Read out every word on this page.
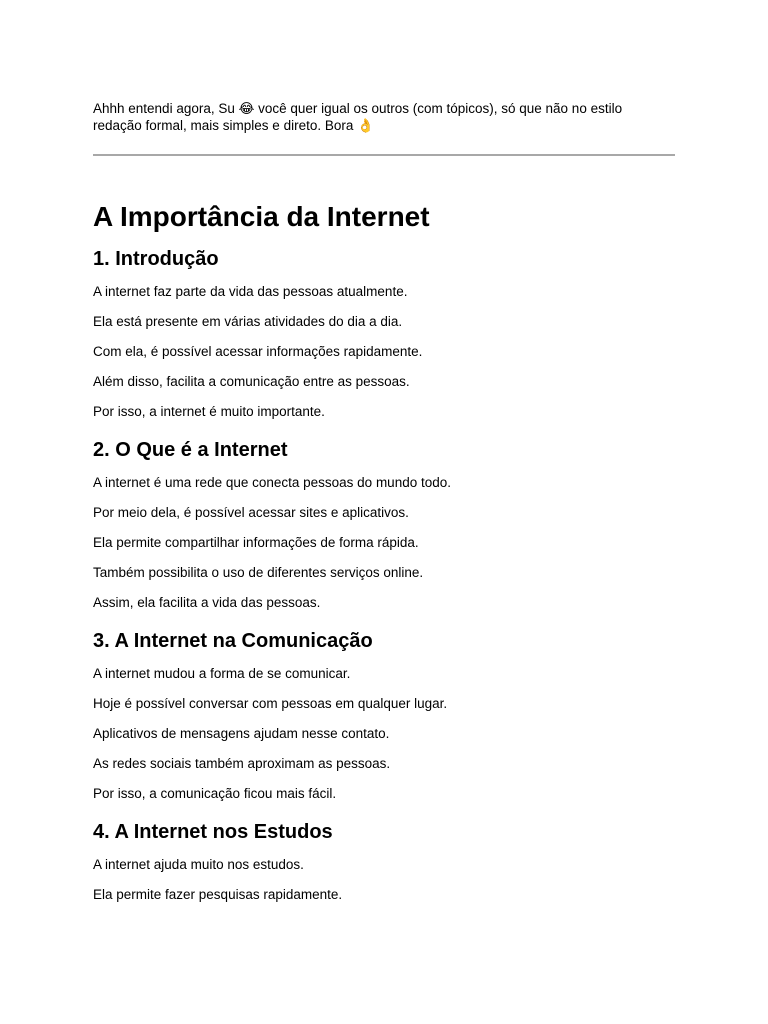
Ahhh entendi agora, Su 😂 você quer igual os outros (com tópicos), só que não no estilo
redação formal, mais simples e direto. Bora 👌

A Importância da Internet
1. Introdução

A internet faz parte da vida das pessoas atualmente.

Ela está presente em várias atividades do dia a dia.

Com ela, é possível acessar informações rapidamente.

Além disso, facilita a comunicação entre as pessoas.

Por isso, a internet é muito importante.

2. O Que é a Internet

A internet é uma rede que conecta pessoas do mundo todo.

Por meio dela, é possível acessar sites e aplicativos.

Ela permite compartilhar informações de forma rápida.

Também possibilita o uso de diferentes serviços online.

Assim, ela facilita a vida das pessoas.

3. A Internet na Comunicação

A internet mudou a forma de se comunicar.

Hoje é possível conversar com pessoas em qualquer lugar.

Aplicativos de mensagens ajudam nesse contato.

As redes sociais também aproximam as pessoas.

Por isso, a comunicação ficou mais fácil.

4. A Internet nos Estudos

A internet ajuda muito nos estudos.

Ela permite fazer pesquisas rapidamente.
